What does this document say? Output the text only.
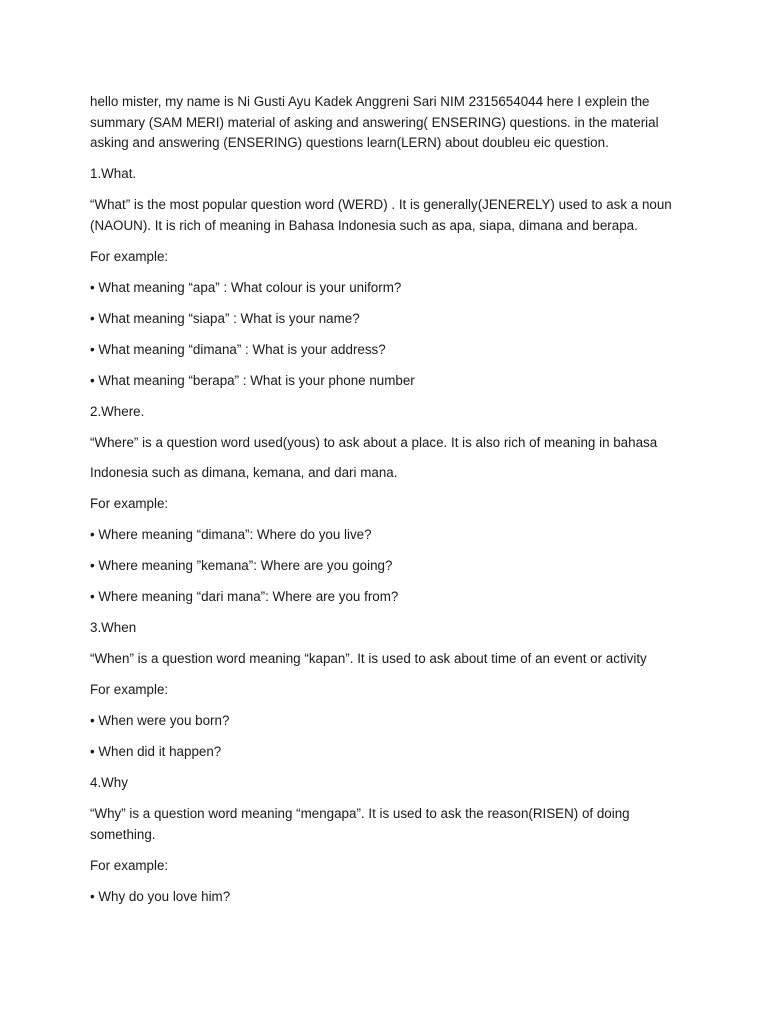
hello mister, my name is Ni Gusti Ayu Kadek Anggreni Sari NIM 2315654044 here I explein the summary (SAM MERI) material of asking and answering( ENSERING) questions. in the material asking and answering (ENSERING) questions learn(LERN) about doubleu eic question.

1.What.

“What” is the most popular question word (WERD) . It is generally(JENERELY) used to ask a noun (NAOUN). It is rich of meaning in Bahasa Indonesia such as apa, siapa, dimana and berapa.

For example:

• What meaning “apa” : What colour is your uniform?

• What meaning “siapa” : What is your name?

• What meaning “dimana” : What is your address?

• What meaning “berapa” : What is your phone number

2.Where.

“Where” is a question word used(yous) to ask about a place. It is also rich of meaning in bahasa

Indonesia such as dimana, kemana, and dari mana.

For example:

• Where meaning “dimana”: Where do you live?

• Where meaning ”kemana”: Where are you going?

• Where meaning “dari mana”: Where are you from?

3.When

“When” is a question word meaning “kapan”. It is used to ask about time of an event or activity

For example:

• When were you born?

• When did it happen?

4.Why

“Why” is a question word meaning “mengapa”. It is used to ask the reason(RISEN) of doing something.

For example:

• Why do you love him?
